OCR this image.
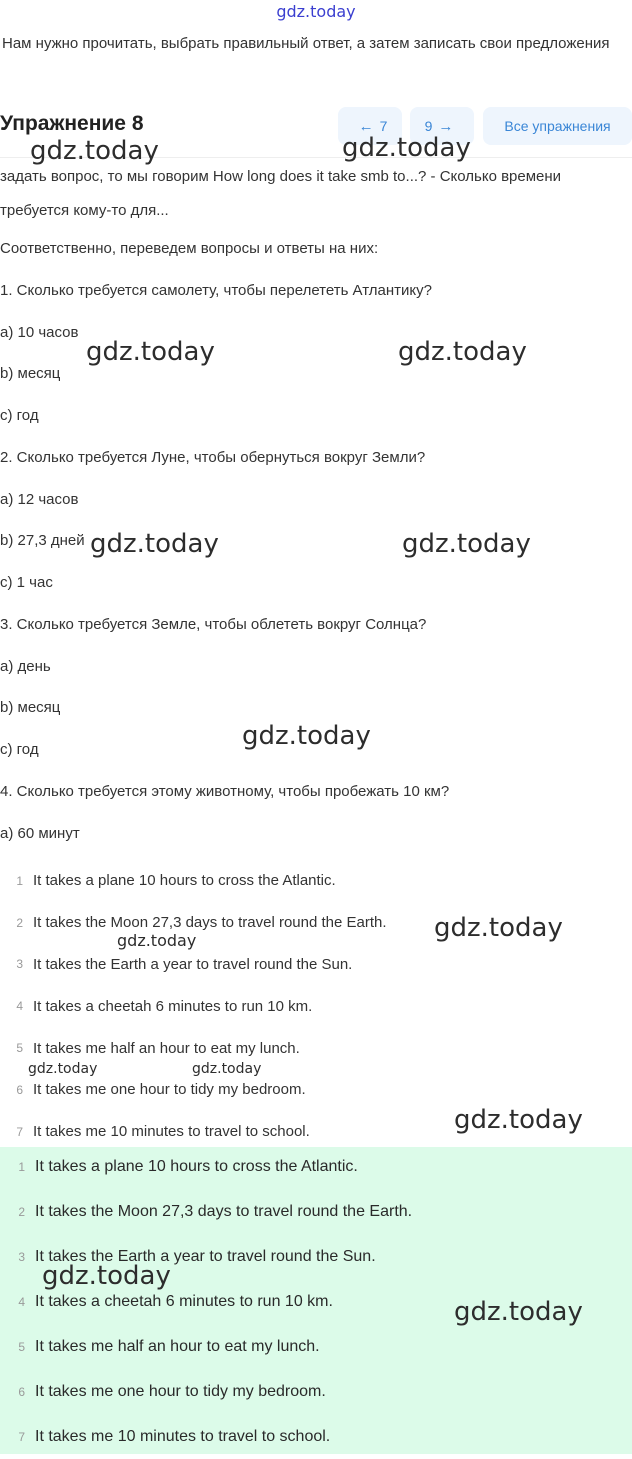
gdz.today
Нам нужно прочитать, выбрать правильный ответ, а затем записать свои предложения
Упражнение 8	← 7	9 →	Все упражнения

задать вопрос, то мы говорим How long does it take smb to...? - Сколько времени требуется кому-то для...

Соответственно, переведем вопросы и ответы на них:

1. Сколько требуется самолету, чтобы перелететь Атлантику?

a) 10 часов

b) месяц

c) год

2. Сколько требуется Луне, чтобы обернуться вокруг Земли?

a) 12 часов

b) 27,3 дней

c) 1 час

3. Сколько требуется Земле, чтобы облететь вокруг Солнца?

a) день

b) месяц

c) год

4. Сколько требуется этому животному, чтобы пробежать 10 км?

a) 60 минут

1 It takes a plane 10 hours to cross the Atlantic.
2 It takes the Moon 27,3 days to travel round the Earth.
3 It takes the Earth a year to travel round the Sun.
4 It takes a cheetah 6 minutes to run 10 km.
5 It takes me half an hour to eat my lunch.
6 It takes me one hour to tidy my bedroom.
7 It takes me 10 minutes to travel to school.
1 It takes a plane 10 hours to cross the Atlantic.
2 It takes the Moon 27,3 days to travel round the Earth.
3 It takes the Earth a year to travel round the Sun.
4 It takes a cheetah 6 minutes to run 10 km.
5 It takes me half an hour to eat my lunch.
6 It takes me one hour to tidy my bedroom.
7 It takes me 10 minutes to travel to school.
gdz.today	gdz.today
gdz.today	gdz.today
gdz.today	gdz.today
gdz.today
gdz.today
gdz.today
gdz.today	gdz.today
gdz.today
gdz.today
gdz.today
